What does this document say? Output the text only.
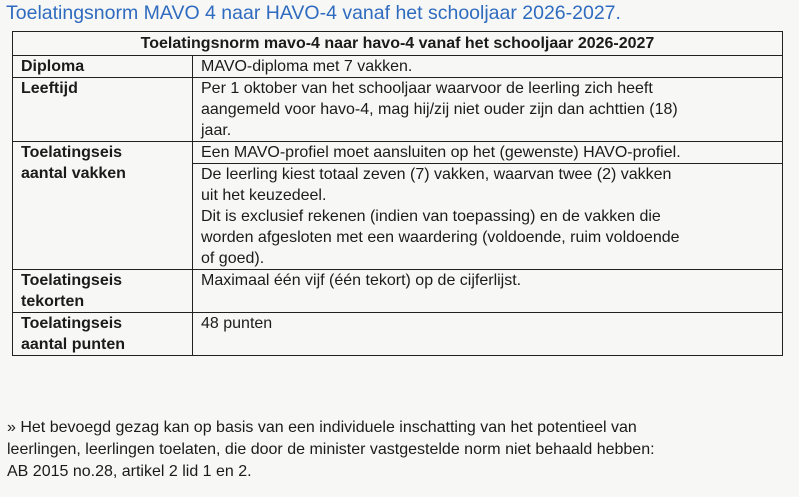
Toelatingsnorm MAVO 4 naar HAVO-4 vanaf het schooljaar 2026-2027.
Toelatingsnorm mavo-4 naar havo-4 vanaf het schooljaar 2026-2027	
Diploma	MAVO-diploma met 7 vakken.
Leeftijd	Per 1 oktober van het schooljaar waarvoor de leerling zich heeft
aangemeld voor havo-4, mag hij/zij niet ouder zijn dan achttien (18)
jaar.

Toelatingseis
aantal vakken	Een MAVO-profiel moet aansluiten op het (gewenste) HAVO-profiel.

	De leerling kiest totaal zeven (7) vakken, waarvan twee (2) vakken
uit het keuzedeel.
Dit is exclusief rekenen (indien van toepassing) en de vakken die
worden afgesloten met een waardering (voldoende, ruim voldoende
of goed).

Toelatingseis
tekorten	Maximaal één vijf (één tekort) op de cijferlijst.

Toelatingseis
aantal punten	48 punten
» Het bevoegd gezag kan op basis van een individuele inschatting van het potentieel van
leerlingen, leerlingen toelaten, die door de minister vastgestelde norm niet behaald hebben:
AB 2015 no.28, artikel 2 lid 1 en 2.
